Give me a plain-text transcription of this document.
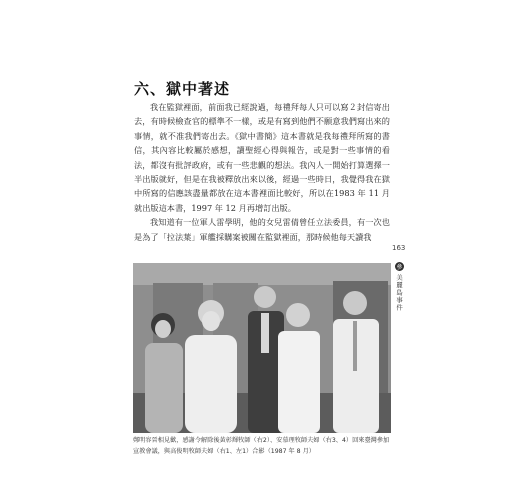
六、獄中著述

我在監獄裡面，前面我已經說過，每禮拜每人只可以寫２封信寄出去，有時候檢查官的標準不一樣，或是有寫到他們不願意我們寫出來的事情，就不准我們寄出去。《獄中書簡》這本書就是我每禮拜所寫的書信，其內容比較屬於感想，讀聖經心得與報告，或是對一些事情的看法，都沒有批評政府，或有一些悲觀的想法。我內人一開始打算選擇一半出版就好，但是在我被釋放出來以後，經過一些時日，我覺得我在獄中所寫的信應該盡量都放在這本書裡面比較好，所以在1983 年 11 月就出版這本書，1997 年 12 月再增訂出版。

我知道有一位軍人雷學明，他的女兒雷倩曾任立法委員，有一次也是為了「拉法葉」軍艦採購案被關在監獄裡面，那時候他每天讀我

163
參
美麗島事件
鄭明容晉相見歡，感謝令解除後黃彰輝牧師（右2）、安慕理牧師夫婦（右3、4）回來臺灣參加宣教會議，與高俊明牧師夫婦（右1、左1）合影（1987 年 8 月）
